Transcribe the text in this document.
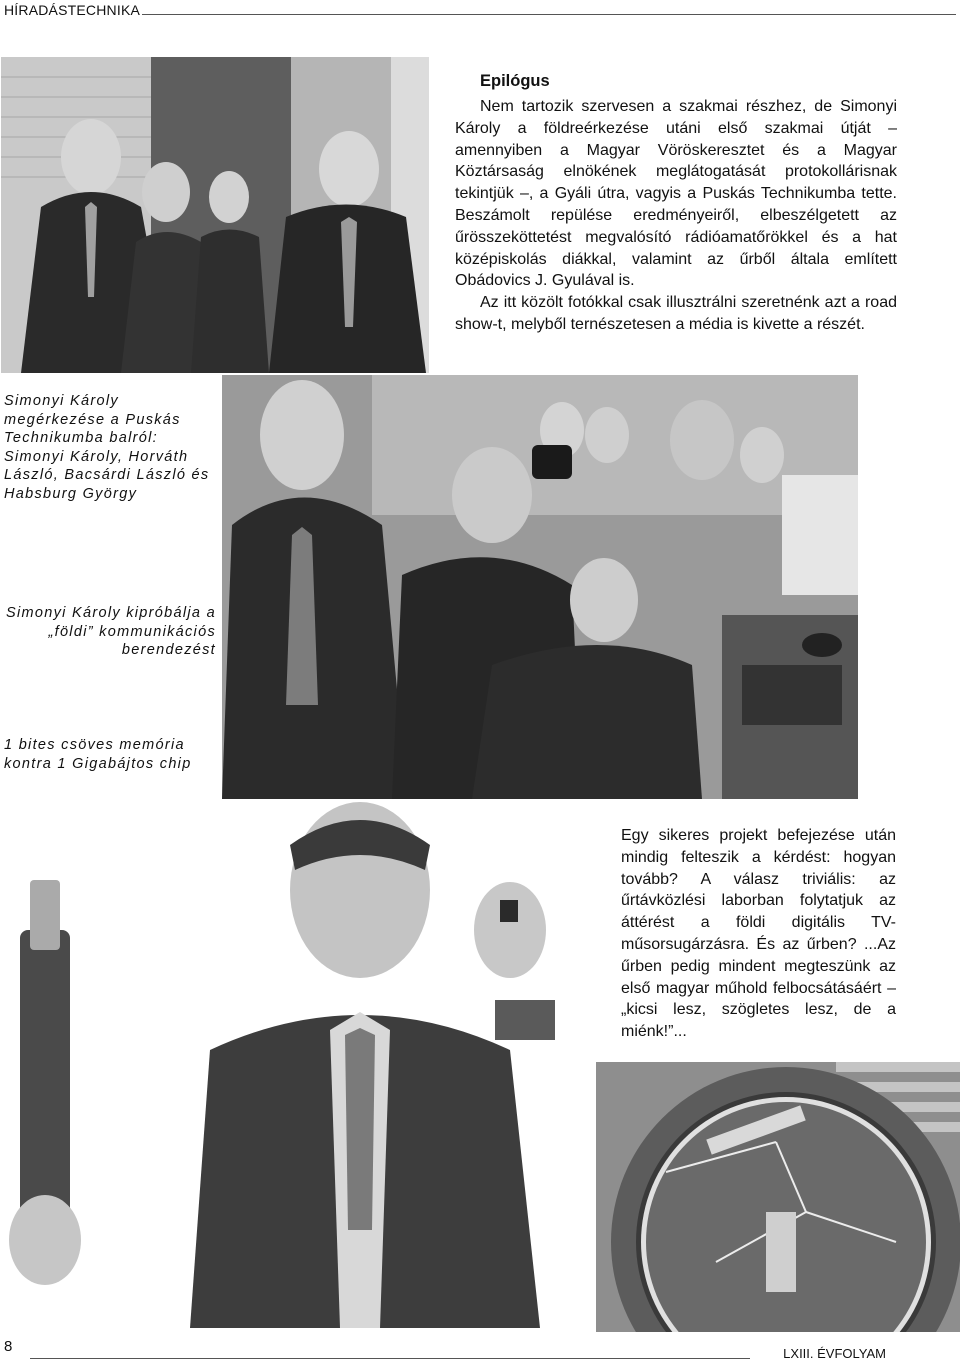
HÍRADÁSTECHNIKA
Epilógus

Nem tartozik szervesen a szakmai részhez, de Simonyi Károly a földreérkezése utáni első szakmai útját – amennyiben a Magyar Vöröskeresztet és a Magyar Köztársaság elnökének meglátogatását protokollárisnak tekintjük –, a Gyáli útra, vagyis a Puskás Technikumba tette. Beszámolt repülése eredményeiről, elbeszélgetett az űrösszeköttetést megvalósító rádióamatőrökkel és a hat középiskolás diákkal, valamint az űrből általa említett Obádovics J. Gyulával is.

Az itt közölt fotókkal csak illusztrálni szeretnénk azt a road show-t, melyből ternészetesen a média is kivette a részét.

Simonyi Károly megérkezése a Puskás Technikumba balról: Simonyi Károly, Horváth László, Bacsárdi László és Habsburg György
Simonyi Károly kipróbálja a „földi” kommunikációs berendezést
1 bites csöves memória kontra 1 Gigabájtos chip
Egy sikeres projekt befejezése után mindig felteszik a kérdést: hogyan tovább? A válasz triviális: az űrtávközlési laborban folytatjuk az áttérést a földi digitális TV-műsorsugárzásra. És az űrben? ...Az űrben pedig mindent megteszünk az első magyar műhold felbocsátásáért – „kicsi lesz, szögletes lesz, de a miénk!”...
8	LXIII. ÉVFOLYAM
